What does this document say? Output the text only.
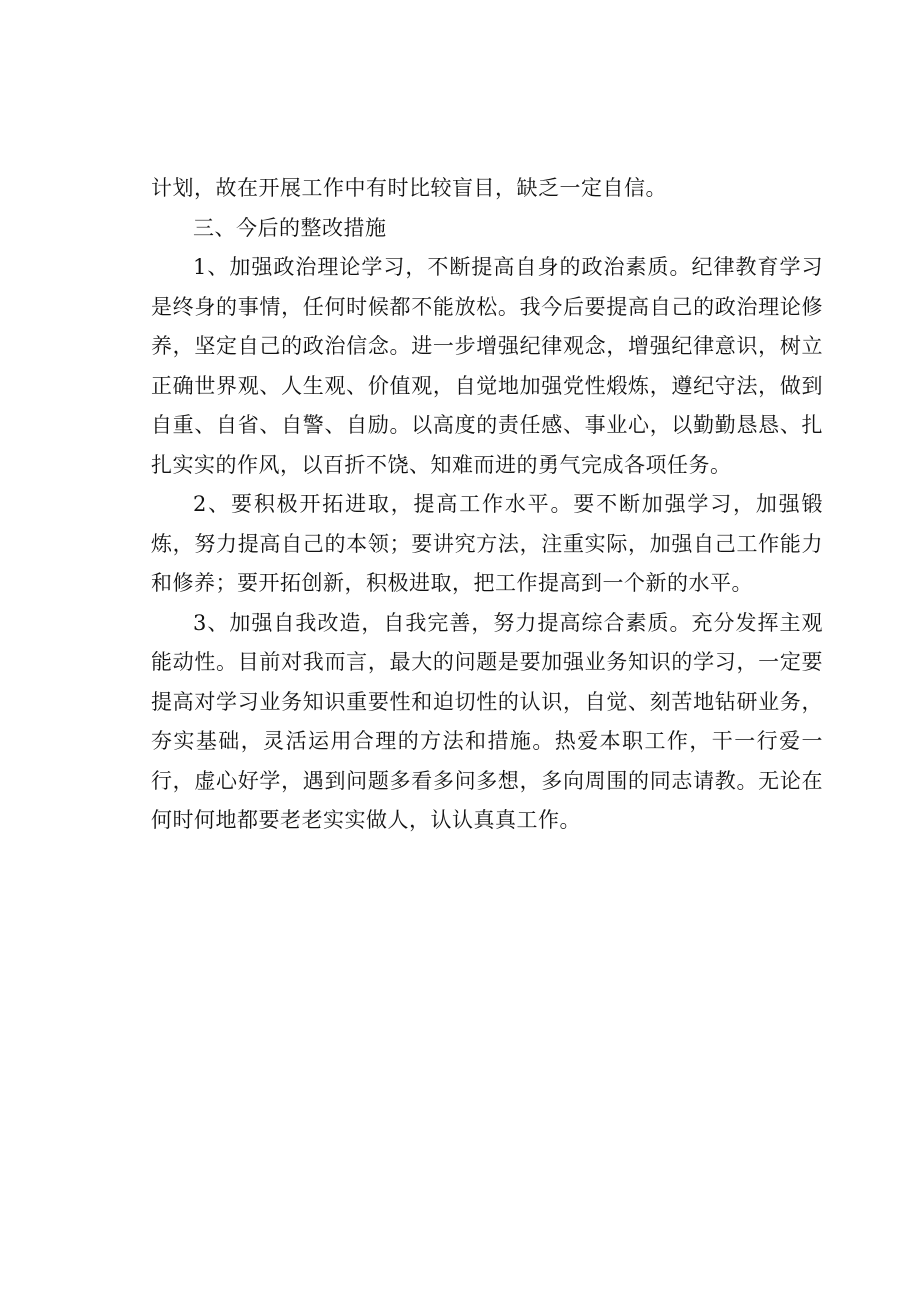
计划，故在开展工作中有时比较盲目，缺乏一定自信。

三、今后的整改措施

1、加强政治理论学习，不断提高自身的政治素质。纪律教育学习是终身的事情，任何时候都不能放松。我今后要提高自己的政治理论修养，坚定自己的政治信念。进一步增强纪律观念，增强纪律意识，树立正确世界观、人生观、价值观，自觉地加强党性煅炼，遵纪守法，做到自重、自省、自警、自励。以高度的责任感、事业心，以勤勤恳恳、扎扎实实的作风，以百折不饶、知难而进的勇气完成各项任务。

2、要积极开拓进取，提高工作水平。要不断加强学习，加强锻炼，努力提高自己的本领；要讲究方法，注重实际，加强自己工作能力和修养；要开拓创新，积极进取，把工作提高到一个新的水平。

3、加强自我改造，自我完善，努力提高综合素质。充分发挥主观能动性。目前对我而言，最大的问题是要加强业务知识的学习，一定要提高对学习业务知识重要性和迫切性的认识，自觉、刻苦地钻研业务，夯实基础，灵活运用合理的方法和措施。热爱本职工作，干一行爱一行，虚心好学，遇到问题多看多问多想，多向周围的同志请教。无论在何时何地都要老老实实做人，认认真真工作。
